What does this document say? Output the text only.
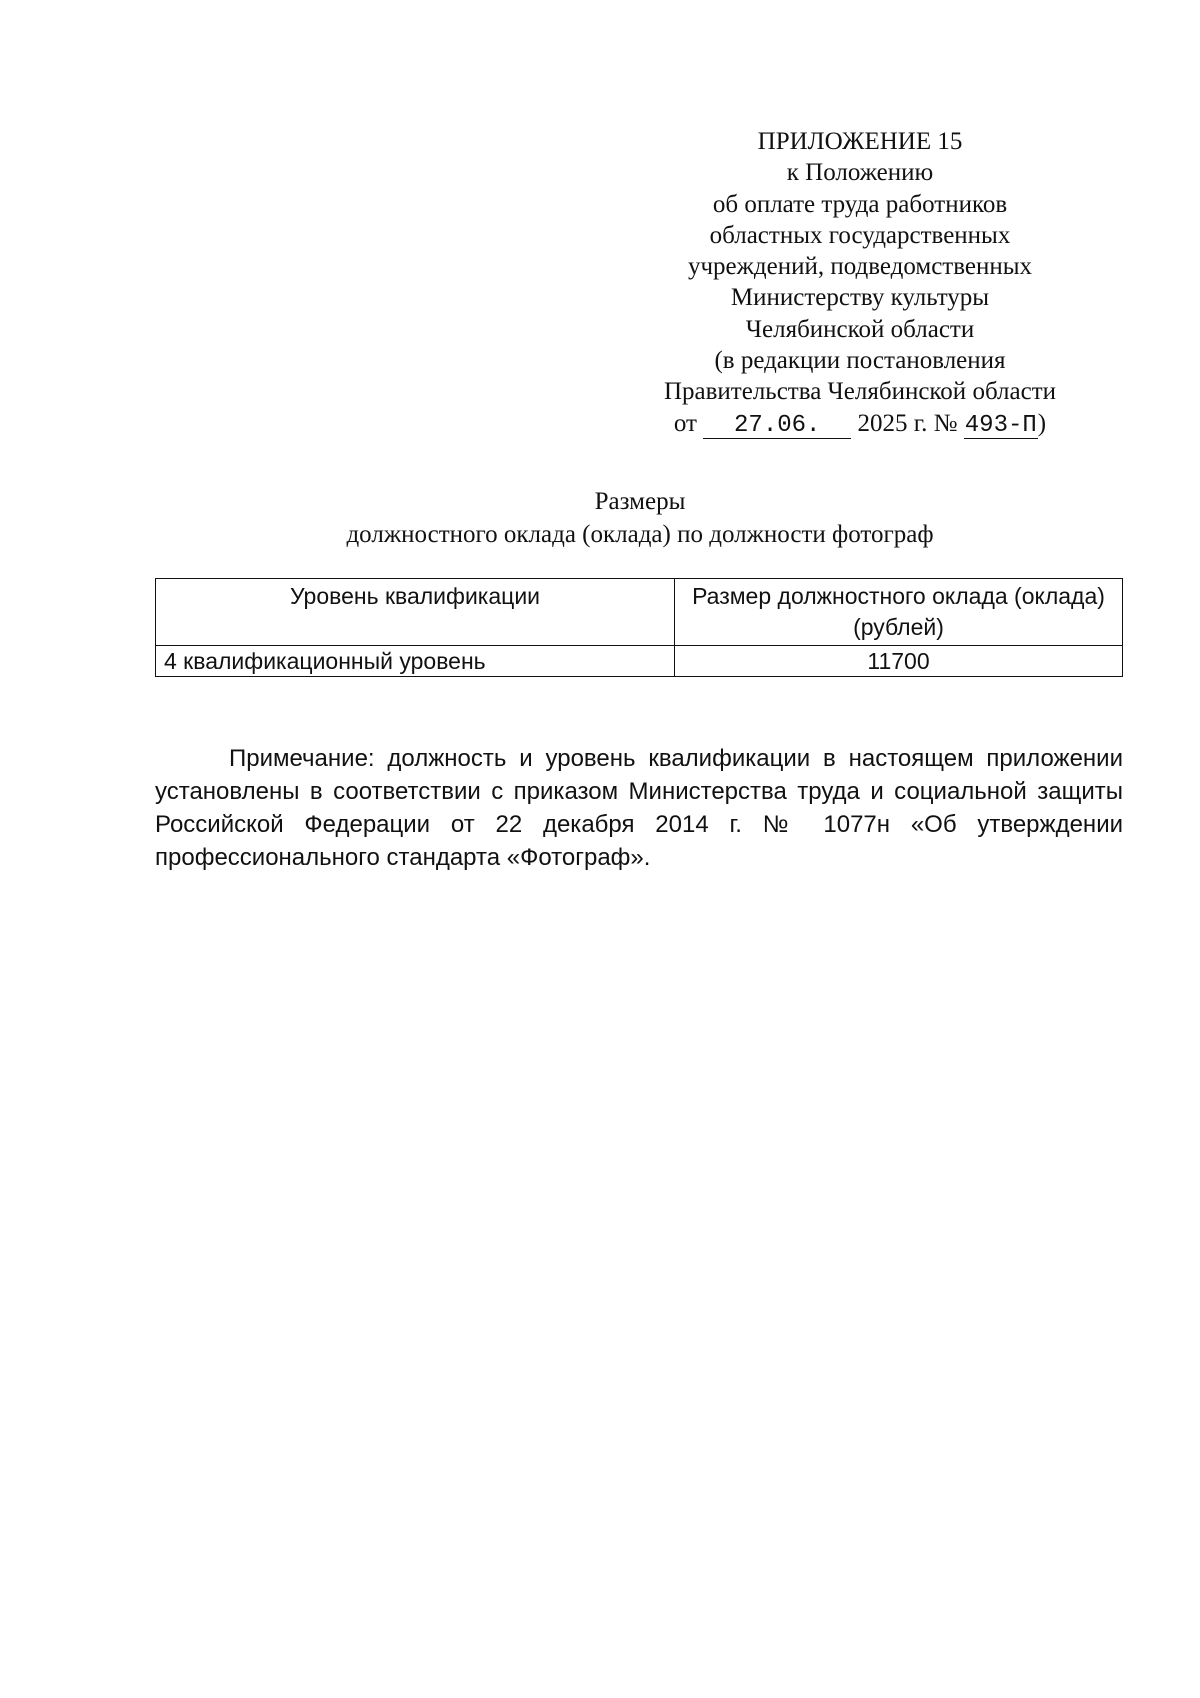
ПРИЛОЖЕНИЕ 15
к Положению
об оплате труда работников
областных государственных
учреждений, подведомственных
Министерству культуры
Челябинской области
(в редакции постановления
Правительства Челябинской области
от 27.06. 2025 г. № 493-П)
Размеры
должностного оклада (оклада) по должности фотограф
Уровень квалификации	Размер должностного оклада (оклада) (рублей)
4 квалификационный уровень	11700

Примечание: должность и уровень квалификации в настоящем приложении установлены в соответствии с приказом Министерства труда и социальной защиты Российской Федерации от 22 декабря 2014 г. № 1077н «Об утверждении профессионального стандарта «Фотограф».
